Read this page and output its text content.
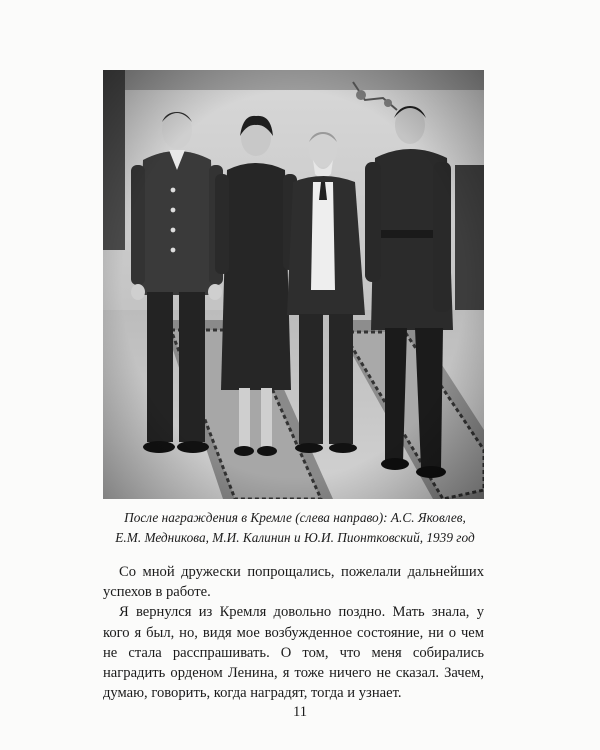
После награждения в Кремле (слева направо): А.С. Яковлев,
Е.М. Медникова, М.И. Калинин и Ю.И. Пионтковский, 1939 год

Со мной дружески попрощались, пожелали дальнейших успехов в работе.

Я вернулся из Кремля довольно поздно. Мать знала, у кого я был, но, видя мое возбужденное состояние, ни о чем не стала расспрашивать. О том, что меня собирались наградить орденом Ленина, я тоже ничего не сказал. Зачем, думаю, говорить, когда наградят, тогда и узнает.

11
